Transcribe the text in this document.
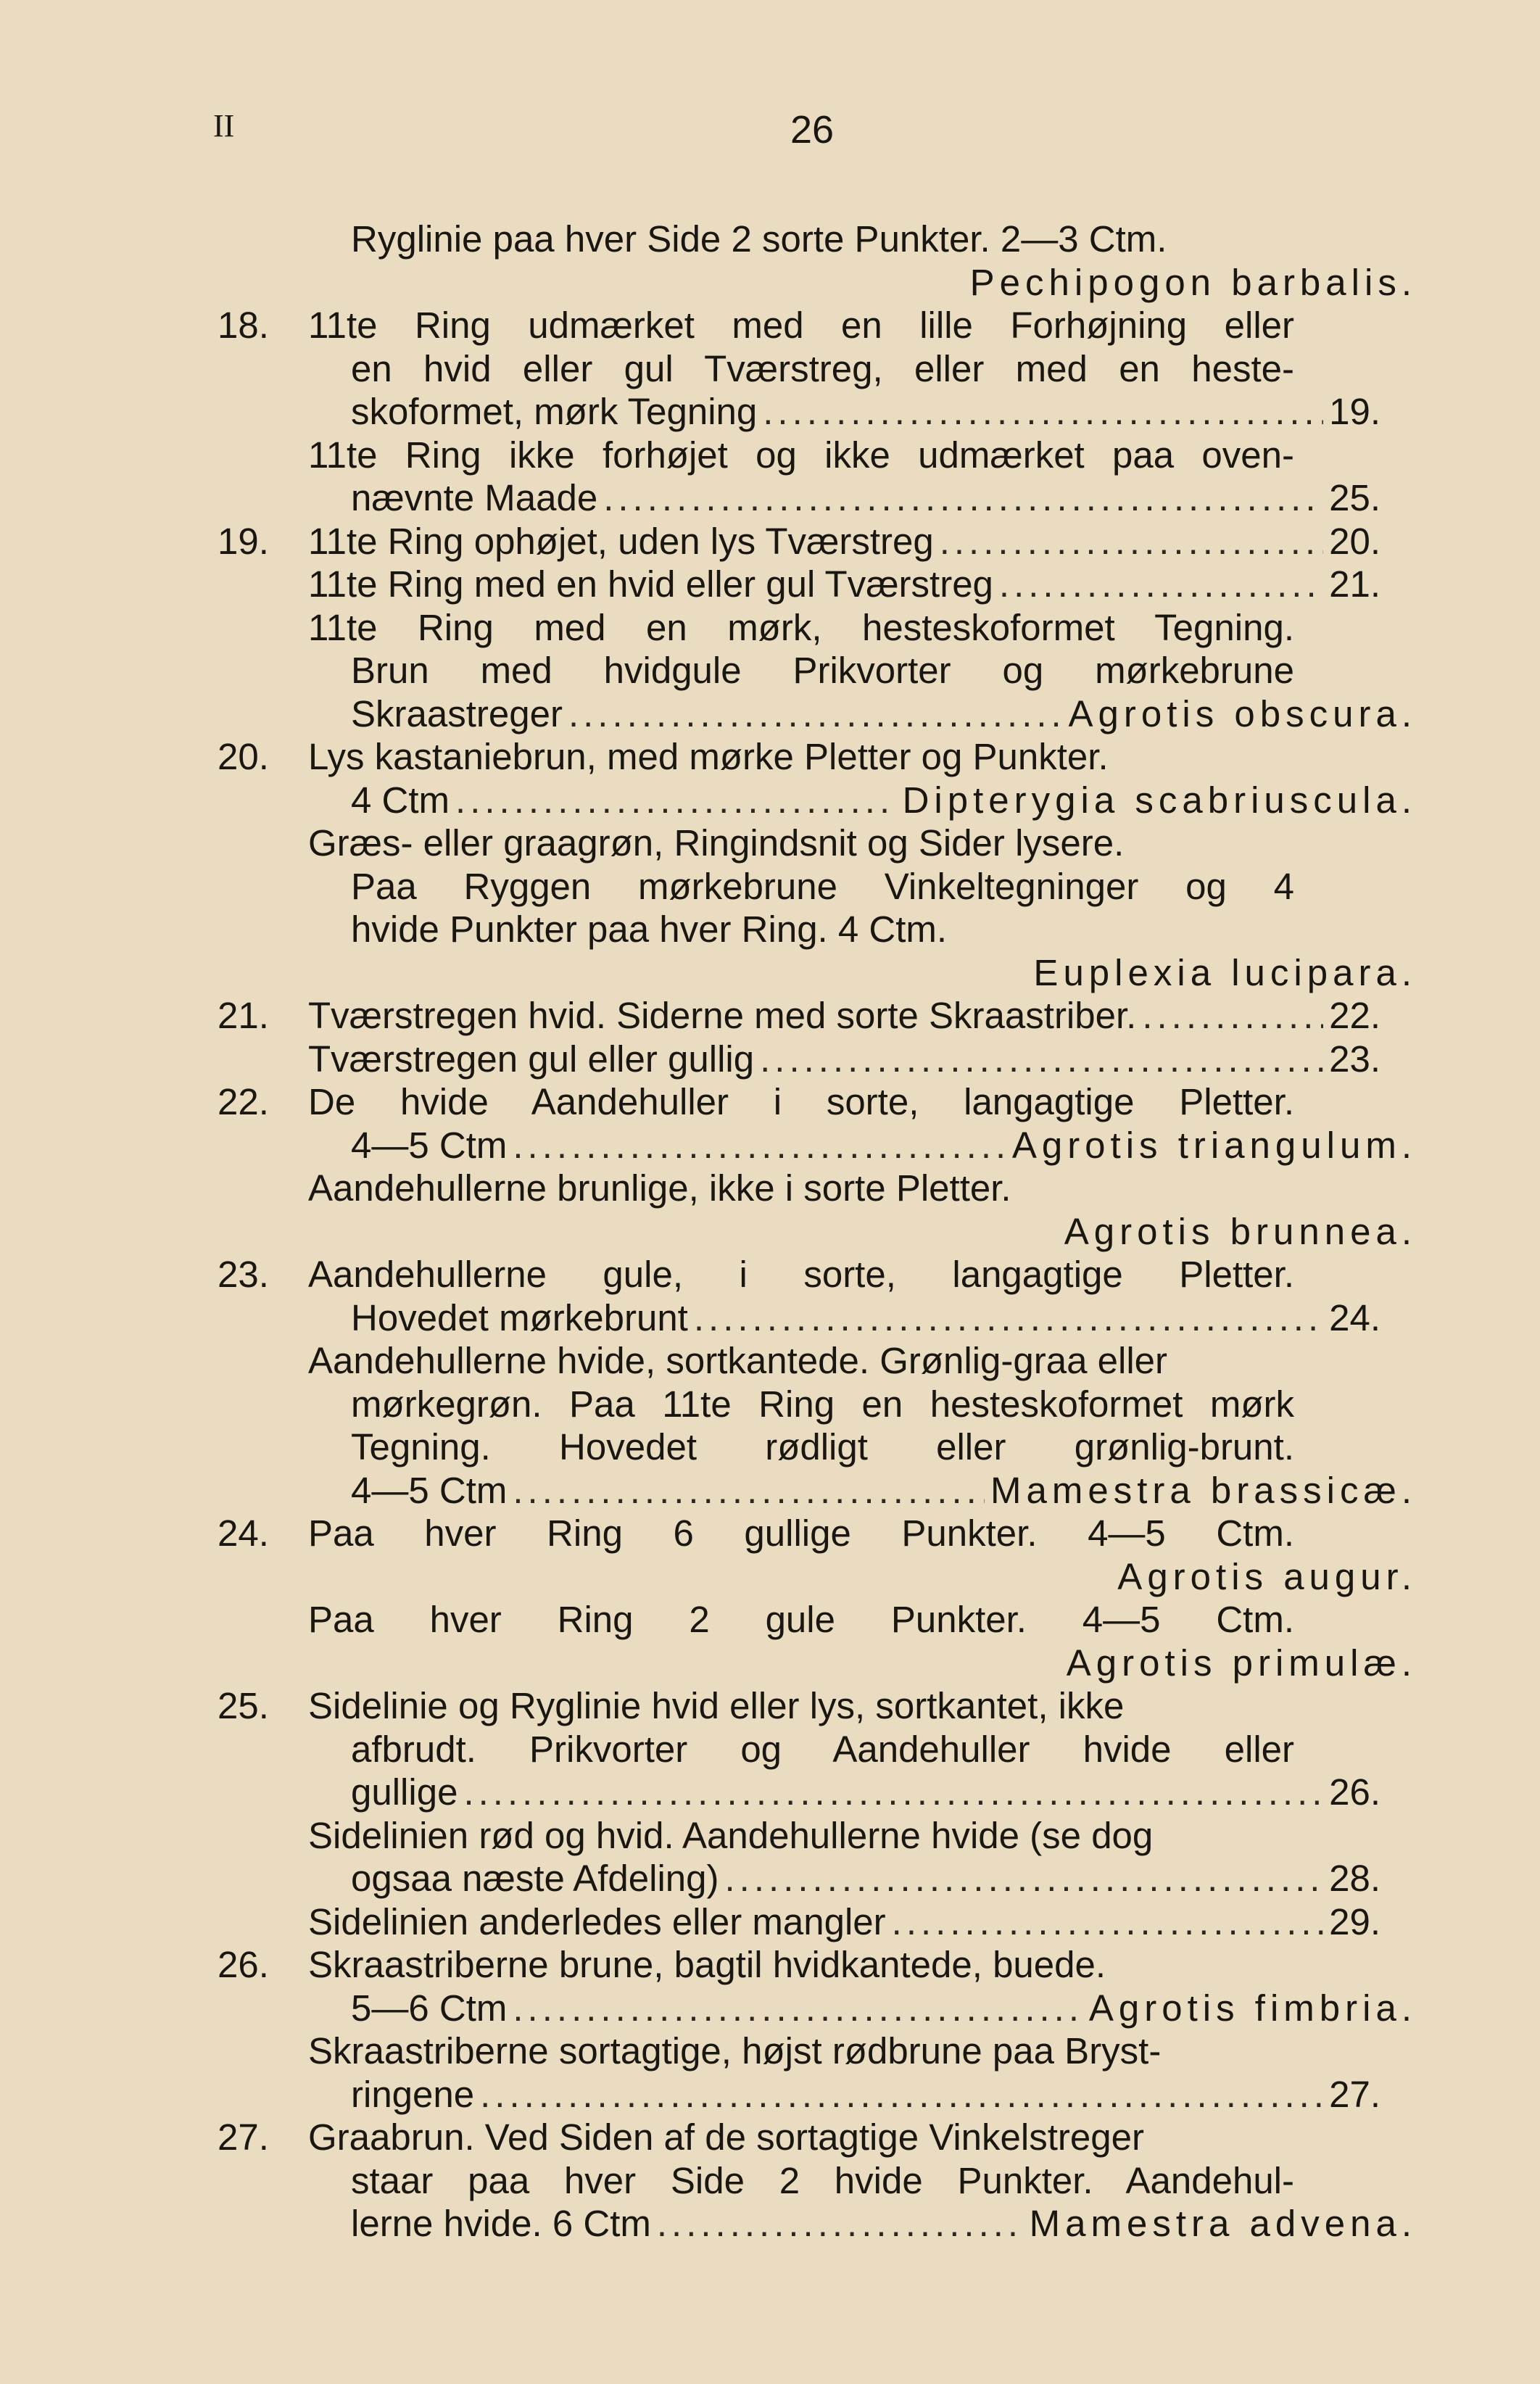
II	26
Ryglinie paa hver Side 2 sorte Punkter. 2—3 Ctm.
Pechipogon barbalis.
18. 11te Ring udmærket med en lille Forhøjning eller
en hvid eller gul Tværstreg, eller med en heste-
skoformet, mørk Tegning .....	19.
11te Ring ikke forhøjet og ikke udmærket paa oven-
nævnte Maade .....	25.
19. 11te Ring ophøjet, uden lys Tværstreg .....	20.
11te Ring med en hvid eller gul Tværstreg .....	21.
11te Ring med en mørk, hesteskoformet Tegning.
Brun med hvidgule Prikvorter og mørkebrune
Skraastreger .....	Agrotis obscura.
20. Lys kastaniebrun, med mørke Pletter og Punkter.
4 Ctm .....	Dipterygia scabriuscula.
Græs- eller graagrøn, Ringindsnit og Sider lysere.
Paa Ryggen mørkebrune Vinkeltegninger og 4
hvide Punkter paa hver Ring. 4 Ctm.
Euplexia lucipara.
21. Tværstregen hvid. Siderne med sorte Skraastriber. .....	22.
Tværstregen gul eller gullig .....	23.
22. De hvide Aandehuller i sorte, langagtige Pletter.
4—5 Ctm .....	Agrotis triangulum.
Aandehullerne brunlige, ikke i sorte Pletter.
Agrotis brunnea.
23. Aandehullerne gule, i sorte, langagtige Pletter.
Hovedet mørkebrunt .....	24.
Aandehullerne hvide, sortkantede. Grønlig-graa eller
mørkegrøn. Paa 11te Ring en hesteskoformet mørk
Tegning. Hovedet rødligt eller grønlig-brunt.
4—5 Ctm .....	Mamestra brassicæ.
24. Paa hver Ring 6 gullige Punkter. 4—5 Ctm.
Agrotis augur.
Paa hver Ring 2 gule Punkter. 4—5 Ctm.
Agrotis primulæ.
25. Sidelinie og Ryglinie hvid eller lys, sortkantet, ikke
afbrudt. Prikvorter og Aandehuller hvide eller
gullige .....	26.
Sidelinien rød og hvid. Aandehullerne hvide (se dog
ogsaa næste Afdeling) .....	28.
Sidelinien anderledes eller mangler .....	29.
26. Skraastriberne brune, bagtil hvidkantede, buede.
5—6 Ctm .....	Agrotis fimbria.
Skraastriberne sortagtige, højst rødbrune paa Bryst-
ringene .....	27.
27. Graabrun. Ved Siden af de sortagtige Vinkelstreger
staar paa hver Side 2 hvide Punkter. Aandehul-
lerne hvide. 6 Ctm .....	Mamestra advena.
